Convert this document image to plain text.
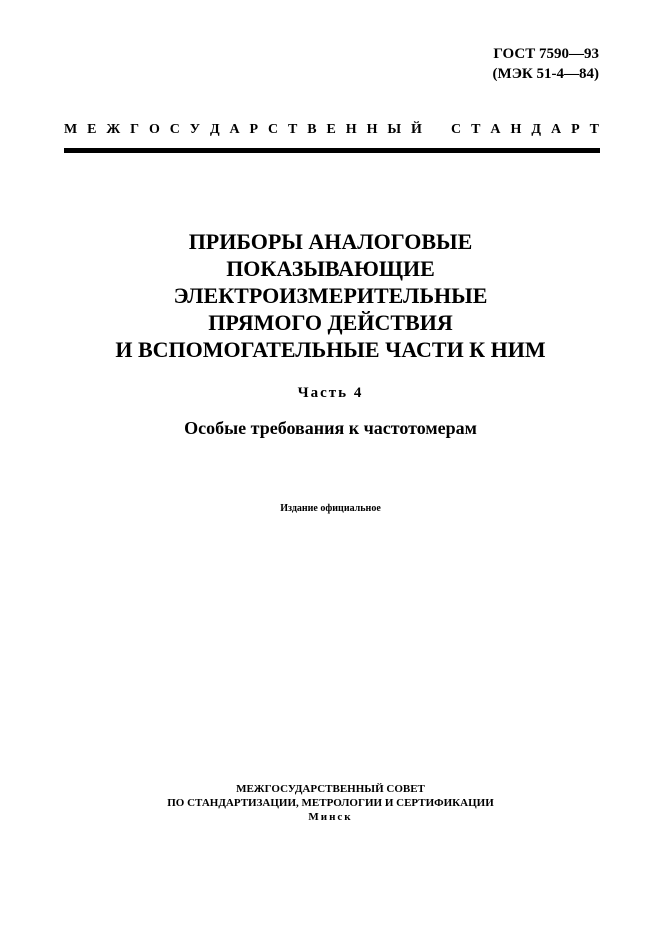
ГОСТ 7590—93
(МЭК 51-4—84)
М Е Ж Г О С У Д А Р С Т В Е Н Н Ы Й С Т А Н Д А Р Т
ПРИБОРЫ АНАЛОГОВЫЕ
ПОКАЗЫВАЮЩИЕ
ЭЛЕКТРОИЗМЕРИТЕЛЬНЫЕ
ПРЯМОГО ДЕЙСТВИЯ
И ВСПОМОГАТЕЛЬНЫЕ ЧАСТИ К НИМ
Часть 4
Особые требования к частотомерам
Издание официальное
МЕЖГОСУДАРСТВЕННЫЙ СОВЕТ
ПО СТАНДАРТИЗАЦИИ, МЕТРОЛОГИИ И СЕРТИФИКАЦИИ
Минск
